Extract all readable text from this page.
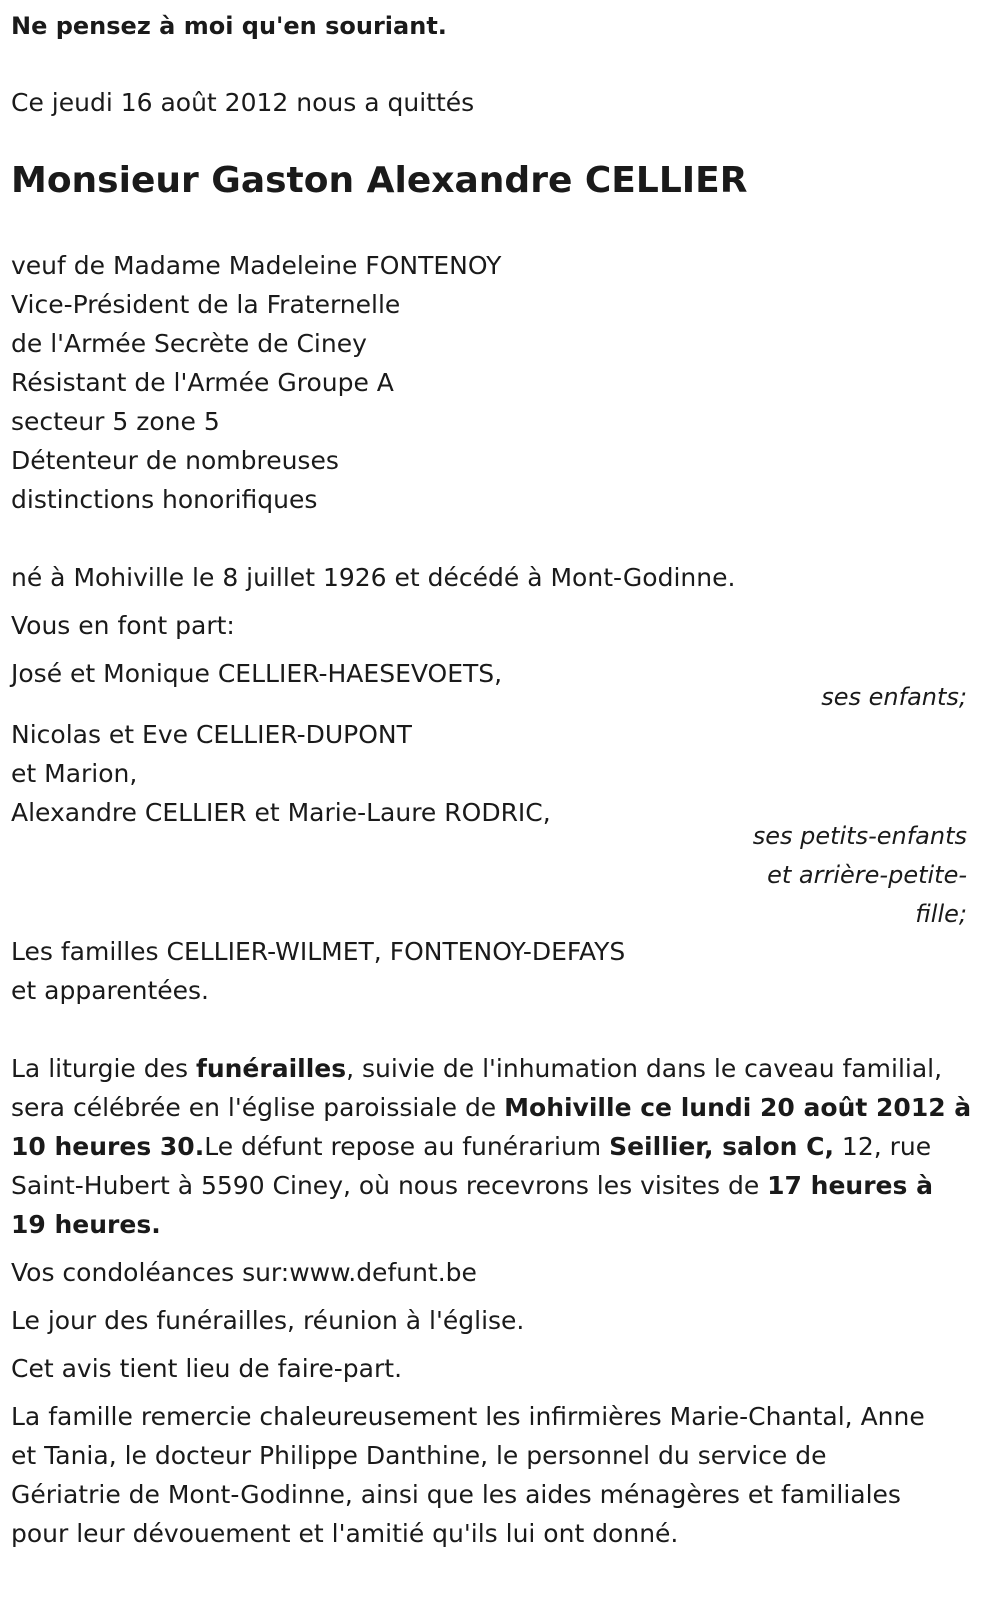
Ne pensez à moi qu'en souriant.
Ce jeudi 16 août 2012 nous a quittés
Monsieur Gaston Alexandre CELLIER
veuf de Madame Madeleine FONTENOY
Vice-Président de la Fraternelle
de l'Armée Secrète de Ciney
Résistant de l'Armée Groupe A
secteur 5 zone 5
Détenteur de nombreuses
distinctions honorifiques
né à Mohiville le 8 juillet 1926 et décédé à Mont-Godinne.
Vous en font part:
José et Monique CELLIER-HAESEVOETS,
ses enfants;
Nicolas et Eve CELLIER-DUPONT
et Marion,
Alexandre CELLIER et Marie-Laure RODRIC,
ses petits-enfants
et arrière-petite-
fille;
Les familles CELLIER-WILMET, FONTENOY-DEFAYS
et apparentées.
La liturgie des funérailles, suivie de l'inhumation dans le caveau familial,
sera célébrée en l'église paroissiale de Mohiville ce lundi 20 août 2012 à
10 heures 30.Le défunt repose au funérarium Seillier, salon C, 12, rue
Saint-Hubert à 5590 Ciney, où nous recevrons les visites de 17 heures à
19 heures.
Vos condoléances sur:www.defunt.be
Le jour des funérailles, réunion à l'église.
Cet avis tient lieu de faire-part.
La famille remercie chaleureusement les infirmières Marie-Chantal, Anne
et Tania, le docteur Philippe Danthine, le personnel du service de
Gériatrie de Mont-Godinne, ainsi que les aides ménagères et familiales
pour leur dévouement et l'amitié qu'ils lui ont donné.
